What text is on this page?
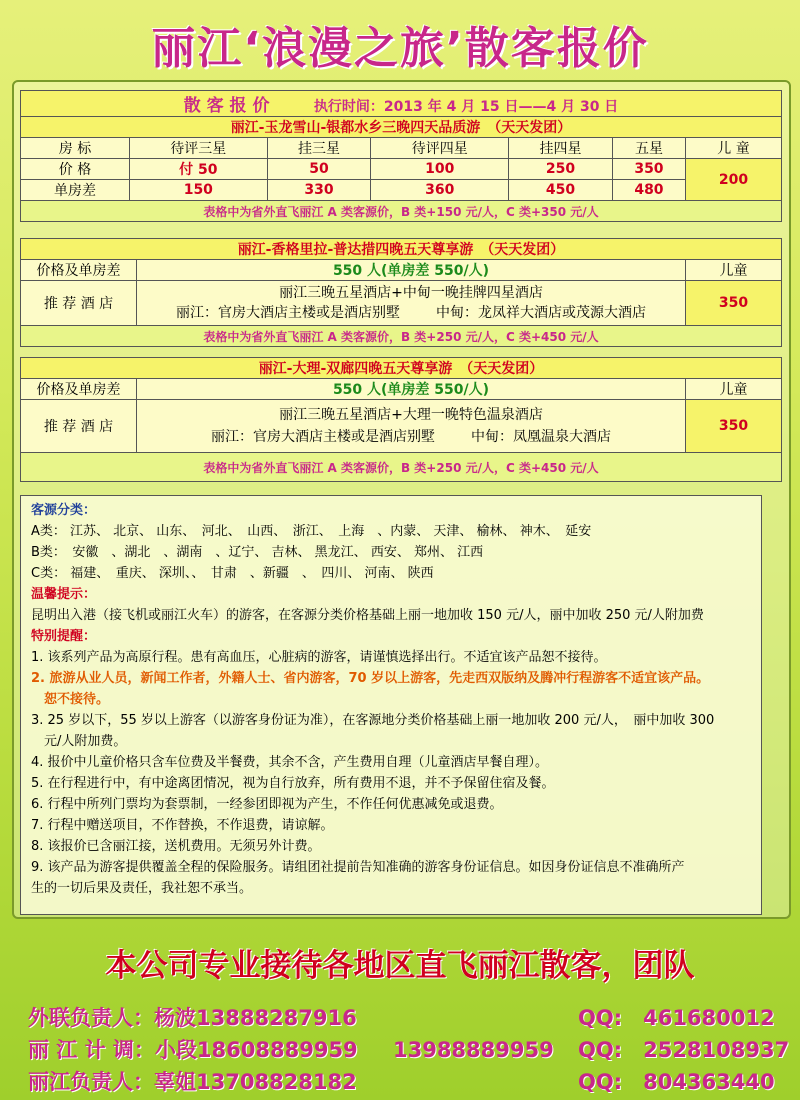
丽江‘浪漫之旅’散客报价
散 客 报 价 执行时间：2013 年 4 月 15 日——4 月 30 日						
丽江-玉龙雪山-银都水乡三晚四天品质游　（天天发团）						
房 标	待评三星	挂三星	待评四星	挂四星	五星	儿 童
价 格	付 50	50	100	250	350	200
单房差	150	330	360	450	480	
表格中为省外直飞丽江 A 类客源价，B 类+150 元/人，C 类+350 元/人						
丽江-香格里拉-普达措四晚五天尊享游　（天天发团）		
价格及单房差	550 人(单房差 550/人)	儿童
推 荐 酒 店	丽江三晚五星酒店+中甸一晚挂牌四星酒店
丽江：官房大酒店主楼或是酒店别墅 中甸：龙凤祥大酒店或茂源大酒店	350
表格中为省外直飞丽江 A 类客源价，B 类+250 元/人，C 类+450 元/人		
丽江-大理-双廊四晚五天尊享游　（天天发团）		
价格及单房差	550 人(单房差 550/人)	儿童
推 荐 酒 店	丽江三晚五星酒店+大理一晚特色温泉酒店
丽江：官房大酒店主楼或是酒店别墅 中甸：凤凰温泉大酒店	350
表格中为省外直飞丽江 A 类客源价，B 类+250 元/人，C 类+450 元/人		

客源分类：

A类： 江苏、 北京、 山东、　河北、　山西、　浙江、　上海　、内蒙、 天津、 榆林、 神木、　延安

B类：　安徽　、湖北　、湖南　、辽宁、 吉林、 黑龙江、 西安、 郑州、 江西

C类： 福建、　重庆、 深圳、、　甘肃　、新疆　、　四川、 河南、 陕西

温馨提示：

昆明出入港（接飞机或丽江火车）的游客，在客源分类价格基础上丽一地加收 150 元/人，丽中加收 250 元/人附加费

特别提醒：

1. 该系列产品为高原行程。患有高血压，心脏病的游客，请谨慎选择出行。不适宜该产品恕不接待。

2. 旅游从业人员，新闻工作者，外籍人士、省内游客，70 岁以上游客，先走西双版纳及腾冲行程游客不适宜该产品。

　恕不接待。

3. 25 岁以下，55 岁以上游客（以游客身份证为准），在客源地分类价格基础上丽一地加收 200 元/人，　丽中加收 300

　元/人附加费。

4. 报价中儿童价格只含车位费及半餐费，其余不含，产生费用自理（儿童酒店早餐自理）。

5. 在行程进行中，有中途离团情况，视为自行放弃，所有费用不退，并不予保留住宿及餐。

6. 行程中所列门票均为套票制，一经参团即视为产生，不作任何优惠减免或退费。

7. 行程中赠送项目，不作替换，不作退费，请谅解。

8. 该报价已含丽江接，送机费用。无须另外计费。

9. 该产品为游客提供覆盖全程的保险服务。请组团社提前告知准确的游客身份证信息。如因身份证信息不准确所产

生的一切后果及责任，我社恕不承当。

本公司专业接待各地区直飞丽江散客，团队
外联负责人：杨波13888287916	QQ:　461680012
丽 江 计 调：小段18608889959 13988889959 QQ:　2528108937
丽江负责人：辜姐13708828182	QQ:　804363440
